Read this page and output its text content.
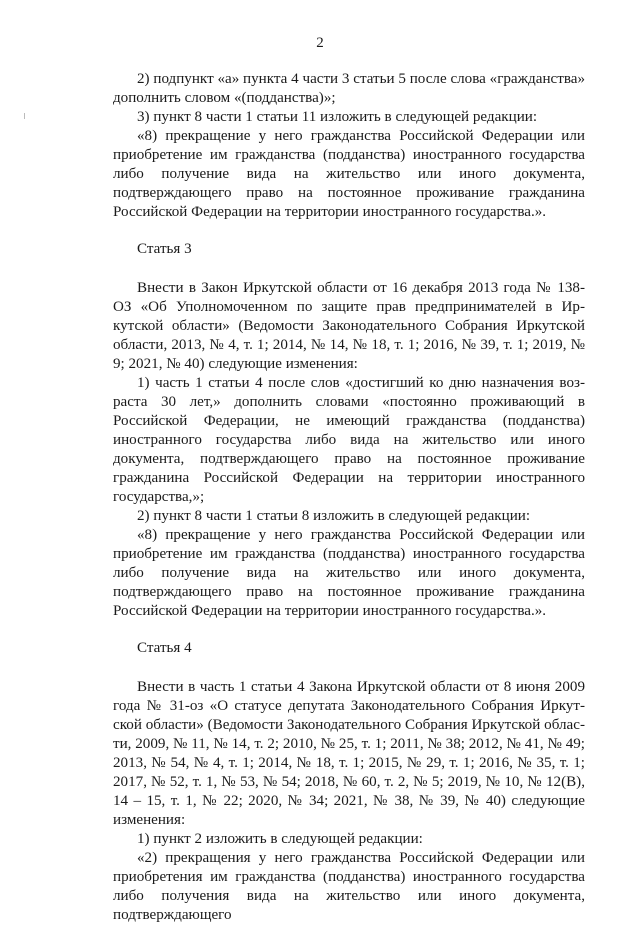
2

2) подпункт «а» пункта 4 части 3 статьи 5 после слова «гражданства» дополнить словом «(подданства)»;

3) пункт 8 части 1 статьи 11 изложить в следующей редакции:

«8) прекращение у него гражданства Российской Федерации или приобретение им гражданства (подданства) иностранного государства либо получение вида на жительство или иного документа, подтверждающего право на постоянное проживание гражданина Российской Федерации на территории иностранного государства.».

Статья 3

Внести в Закон Иркутской области от 16 декабря 2013 года № 138-ОЗ «Об Уполномоченном по защите прав предпринимателей в Иркутской области» (Ведомости Законодательного Собрания Иркутской области, 2013, № 4, т. 1; 2014, № 14, № 18, т. 1; 2016, № 39, т. 1; 2019, № 9; 2021, № 40) следующие изменения:

1) часть 1 статьи 4 после слов «достигший ко дню назначения возраста 30 лет,» дополнить словами «постоянно проживающий в Российской Федерации, не имеющий гражданства (подданства) иностранного государства либо вида на жительство или иного документа, подтверждающего право на постоянное проживание гражданина Российской Федерации на территории иностранного государства,»;

2) пункт 8 части 1 статьи 8 изложить в следующей редакции:

«8) прекращение у него гражданства Российской Федерации или приобретение им гражданства (подданства) иностранного государства либо получение вида на жительство или иного документа, подтверждающего право на постоянное проживание гражданина Российской Федерации на территории иностранного государства.».

Статья 4

Внести в часть 1 статьи 4 Закона Иркутской области от 8 июня 2009 года № 31-оз «О статусе депутата Законодательного Собрания Иркутской области» (Ведомости Законодательного Собрания Иркутской области, 2009, № 11, № 14, т. 2; 2010, № 25, т. 1; 2011, № 38; 2012, № 41, № 49; 2013, № 54, № 4, т. 1; 2014, № 18, т. 1; 2015, № 29, т. 1; 2016, № 35, т. 1; 2017, № 52, т. 1, № 53, № 54; 2018, № 60, т. 2, № 5; 2019, № 10, № 12(В), 14 – 15, т. 1, № 22; 2020, № 34; 2021, № 38, № 39, № 40) следующие изменения:

1) пункт 2 изложить в следующей редакции:

«2) прекращения у него гражданства Российской Федерации или приобретения им гражданства (подданства) иностранного государства либо получения вида на жительство или иного документа, подтверждающего
